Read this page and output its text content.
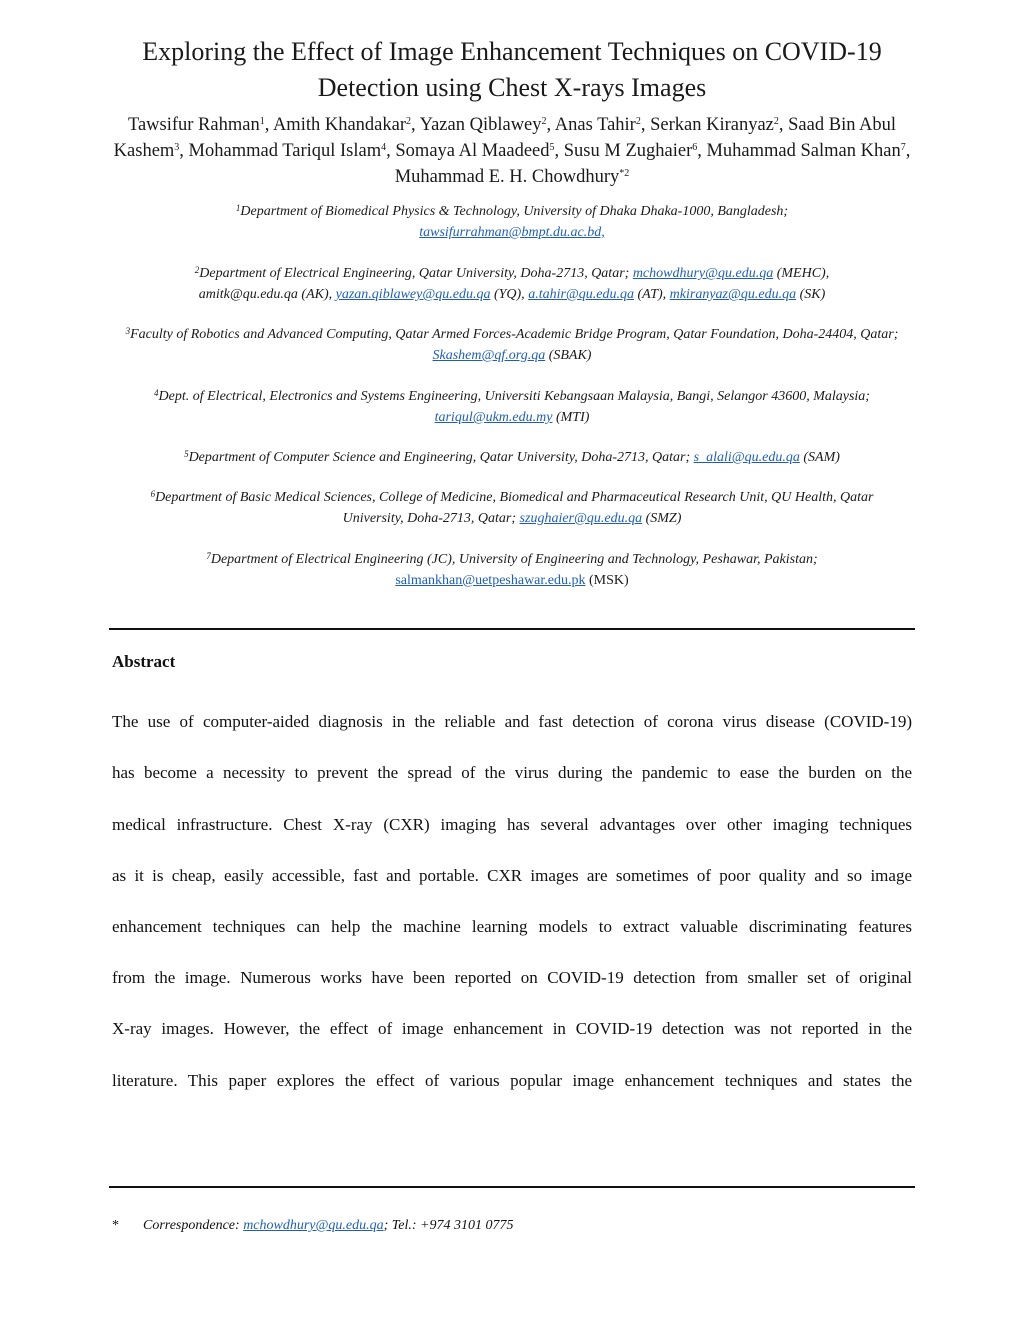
Exploring the Effect of Image Enhancement Techniques on COVID-19
Detection using Chest X-rays Images
Tawsifur Rahman$^1$, Amith Khandakar$^2$, Yazan Qiblawey$^2$, Anas Tahir$^2$, Serkan Kiranyaz$^2$, Saad Bin Abul Kashem$^3$, Mohammad Tariqul Islam$^4$, Somaya Al Maadeed$^5$, Susu M Zughaier$^6$, Muhammad Salman Khan$^7$, Muhammad E. H. Chowdhury$^{*2}$
$^1$Department of Biomedical Physics & Technology, University of Dhaka Dhaka-1000, Bangladesh;
tawsifurrahman@bmpt.du.ac.bd,
$^2$Department of Electrical Engineering, Qatar University, Doha-2713, Qatar; mchowdhury@qu.edu.qa (MEHC),
amitk@qu.edu.qa (AK), yazan.qiblawey@qu.edu.qa (YQ), a.tahir@qu.edu.qa (AT), mkiranyaz@qu.edu.qa (SK)
$^3$Faculty of Robotics and Advanced Computing, Qatar Armed Forces-Academic Bridge Program, Qatar Foundation, Doha-24404, Qatar; Skashem@qf.org.qa (SBAK)
$^4$Dept. of Electrical, Electronics and Systems Engineering, Universiti Kebangsaan Malaysia, Bangi, Selangor 43600, Malaysia; tariqul@ukm.edu.my (MTI)
$^5$Department of Computer Science and Engineering, Qatar University, Doha-2713, Qatar; s_alali@qu.edu.qa (SAM)
$^6$Department of Basic Medical Sciences, College of Medicine, Biomedical and Pharmaceutical Research Unit, QU Health, Qatar University, Doha-2713, Qatar; szughaier@qu.edu.qa (SMZ)
$^7$Department of Electrical Engineering (JC), University of Engineering and Technology, Peshawar, Pakistan;
salmankhan@uetpeshawar.edu.pk (MSK)
Abstract
The use of computer-aided diagnosis in the reliable and fast detection of corona virus disease (COVID-19)
has become a necessity to prevent the spread of the virus during the pandemic to ease the burden on the
medical infrastructure. Chest X-ray (CXR) imaging has several advantages over other imaging techniques
as it is cheap, easily accessible, fast and portable. CXR images are sometimes of poor quality and so image
enhancement techniques can help the machine learning models to extract valuable discriminating features
from the image. Numerous works have been reported on COVID-19 detection from smaller set of original
X-ray images. However, the effect of image enhancement in COVID-19 detection was not reported in the
literature. This paper explores the effect of various popular image enhancement techniques and states the
* Correspondence: mchowdhury@qu.edu.qa; Tel.: +974 3101 0775
